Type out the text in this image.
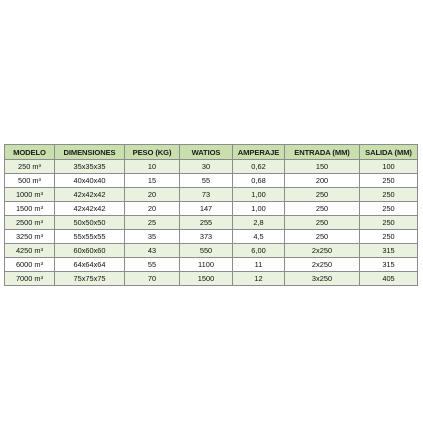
MODELO	DIMENSIONES	PESO (KG)	WATIOS	AMPERAJE	ENTRADA (MM)	SALIDA (MM)
250 m³	35x35x35	10	30	0,62	150	100
500 m³	40x40x40	15	55	0,68	200	250
1000 m³	42x42x42	20	73	1,00	250	250
1500 m³	42x42x42	20	147	1,00	250	250
2500 m³	50x50x50	25	255	2,8	250	250
3250 m³	55x55x55	35	373	4,5	250	250
4250 m³	60x60x60	43	550	6,00	2x250	315
6000 m³	64x64x64	55	1100	11	2x250	315
7000 m³	75x75x75	70	1500	12	3x250	405
